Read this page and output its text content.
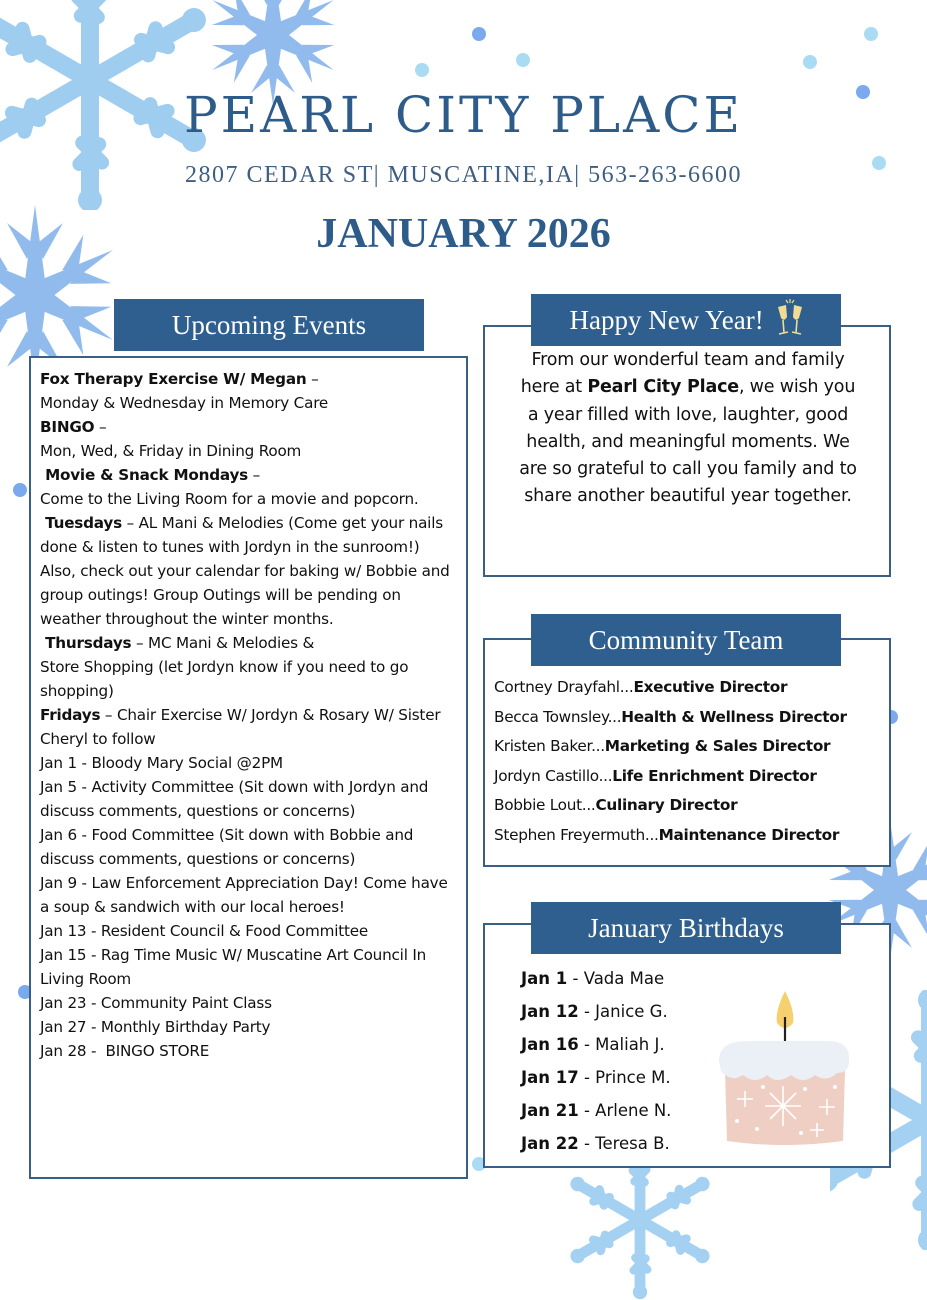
PEARL CITY PLACE
2807 CEDAR ST| MUSCATINE,IA| 563-263-6600
JANUARY 2026
Fox Therapy Exercise W/ Megan –
Monday & Wednesday in Memory Care
BINGO –
Mon, Wed, & Friday in Dining Room
Movie & Snack Mondays –
Come to the Living Room for a movie and popcorn.
Tuesdays – AL Mani & Melodies (Come get your nails done & listen to tunes with Jordyn in the sunroom!) Also, check out your calendar for baking w/ Bobbie and group outings! Group Outings will be pending on weather throughout the winter months.
Thursdays – MC Mani & Melodies &
Store Shopping (let Jordyn know if you need to go shopping)
Fridays – Chair Exercise W/ Jordyn & Rosary W/ Sister Cheryl to follow
Jan 1 - Bloody Mary Social @2PM
Jan 5 - Activity Committee (Sit down with Jordyn and discuss comments, questions or concerns)
Jan 6 - Food Committee (Sit down with Bobbie and discuss comments, questions or concerns)
Jan 9 - Law Enforcement Appreciation Day! Come have a soup & sandwich with our local heroes!
Jan 13 - Resident Council & Food Committee
Jan 15 - Rag Time Music W/ Muscatine Art Council In Living Room
Jan 23 - Community Paint Class
Jan 27 - Monthly Birthday Party
Jan 28 -  BINGO STORE
Upcoming Events
From our wonderful team and family here at Pearl City Place, we wish you a year filled with love, laughter, good health, and meaningful moments. We are so grateful to call you family and to share another beautiful year together.
Happy New Year!
Cortney Drayfahl...Executive Director
Becca Townsley...Health & Wellness Director
Kristen Baker...Marketing & Sales Director
Jordyn Castillo...Life Enrichment Director
Bobbie Lout...Culinary Director
Stephen Freyermuth...Maintenance Director
Community Team
Jan 1 - Vada Mae
Jan 12 - Janice G.
Jan 16 - Maliah J.
Jan 17 - Prince M.
Jan 21 - Arlene N.
Jan 22 - Teresa B.
January Birthdays
